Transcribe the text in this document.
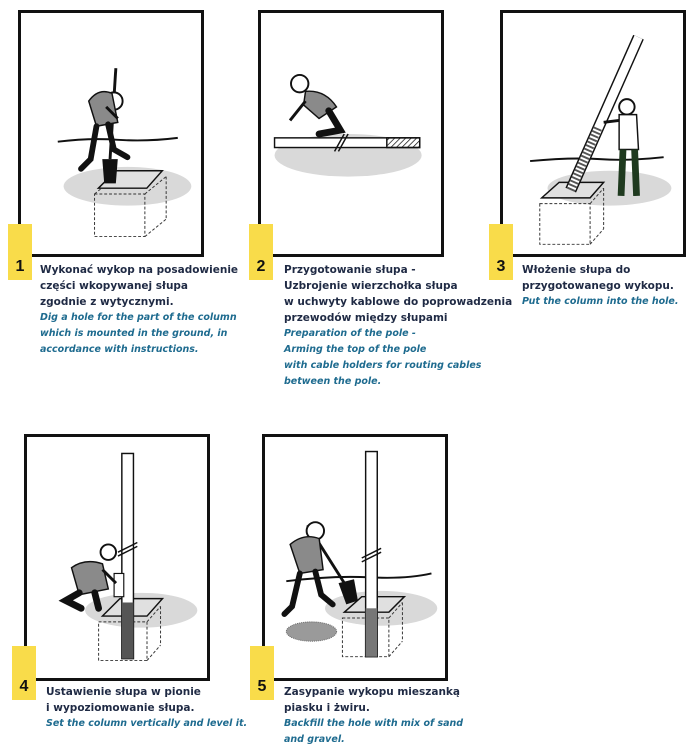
1 Wykonać wykop na posadowienie
części wkopywanej słupa
zgodnie z wytycznymi.
Dig a hole for the part of the column
which is mounted in the ground, in
accordance with instructions.
2 Przygotowanie słupa -
Uzbrojenie wierzchołka słupa
w uchwyty kablowe do poprowadzenia
przewodów między słupami
Preparation of the pole -
Arming the top of the pole
with cable holders for routing cables
between the pole.
3 Włożenie słupa do
przygotowanego wykopu.
Put the column into the hole.
4 Ustawienie słupa w pionie
i wypoziomowanie słupa.
Set the column vertically and level it.
5 Zasypanie wykopu mieszanką
piasku i żwiru.
Backfill the hole with mix of sand
and gravel.
